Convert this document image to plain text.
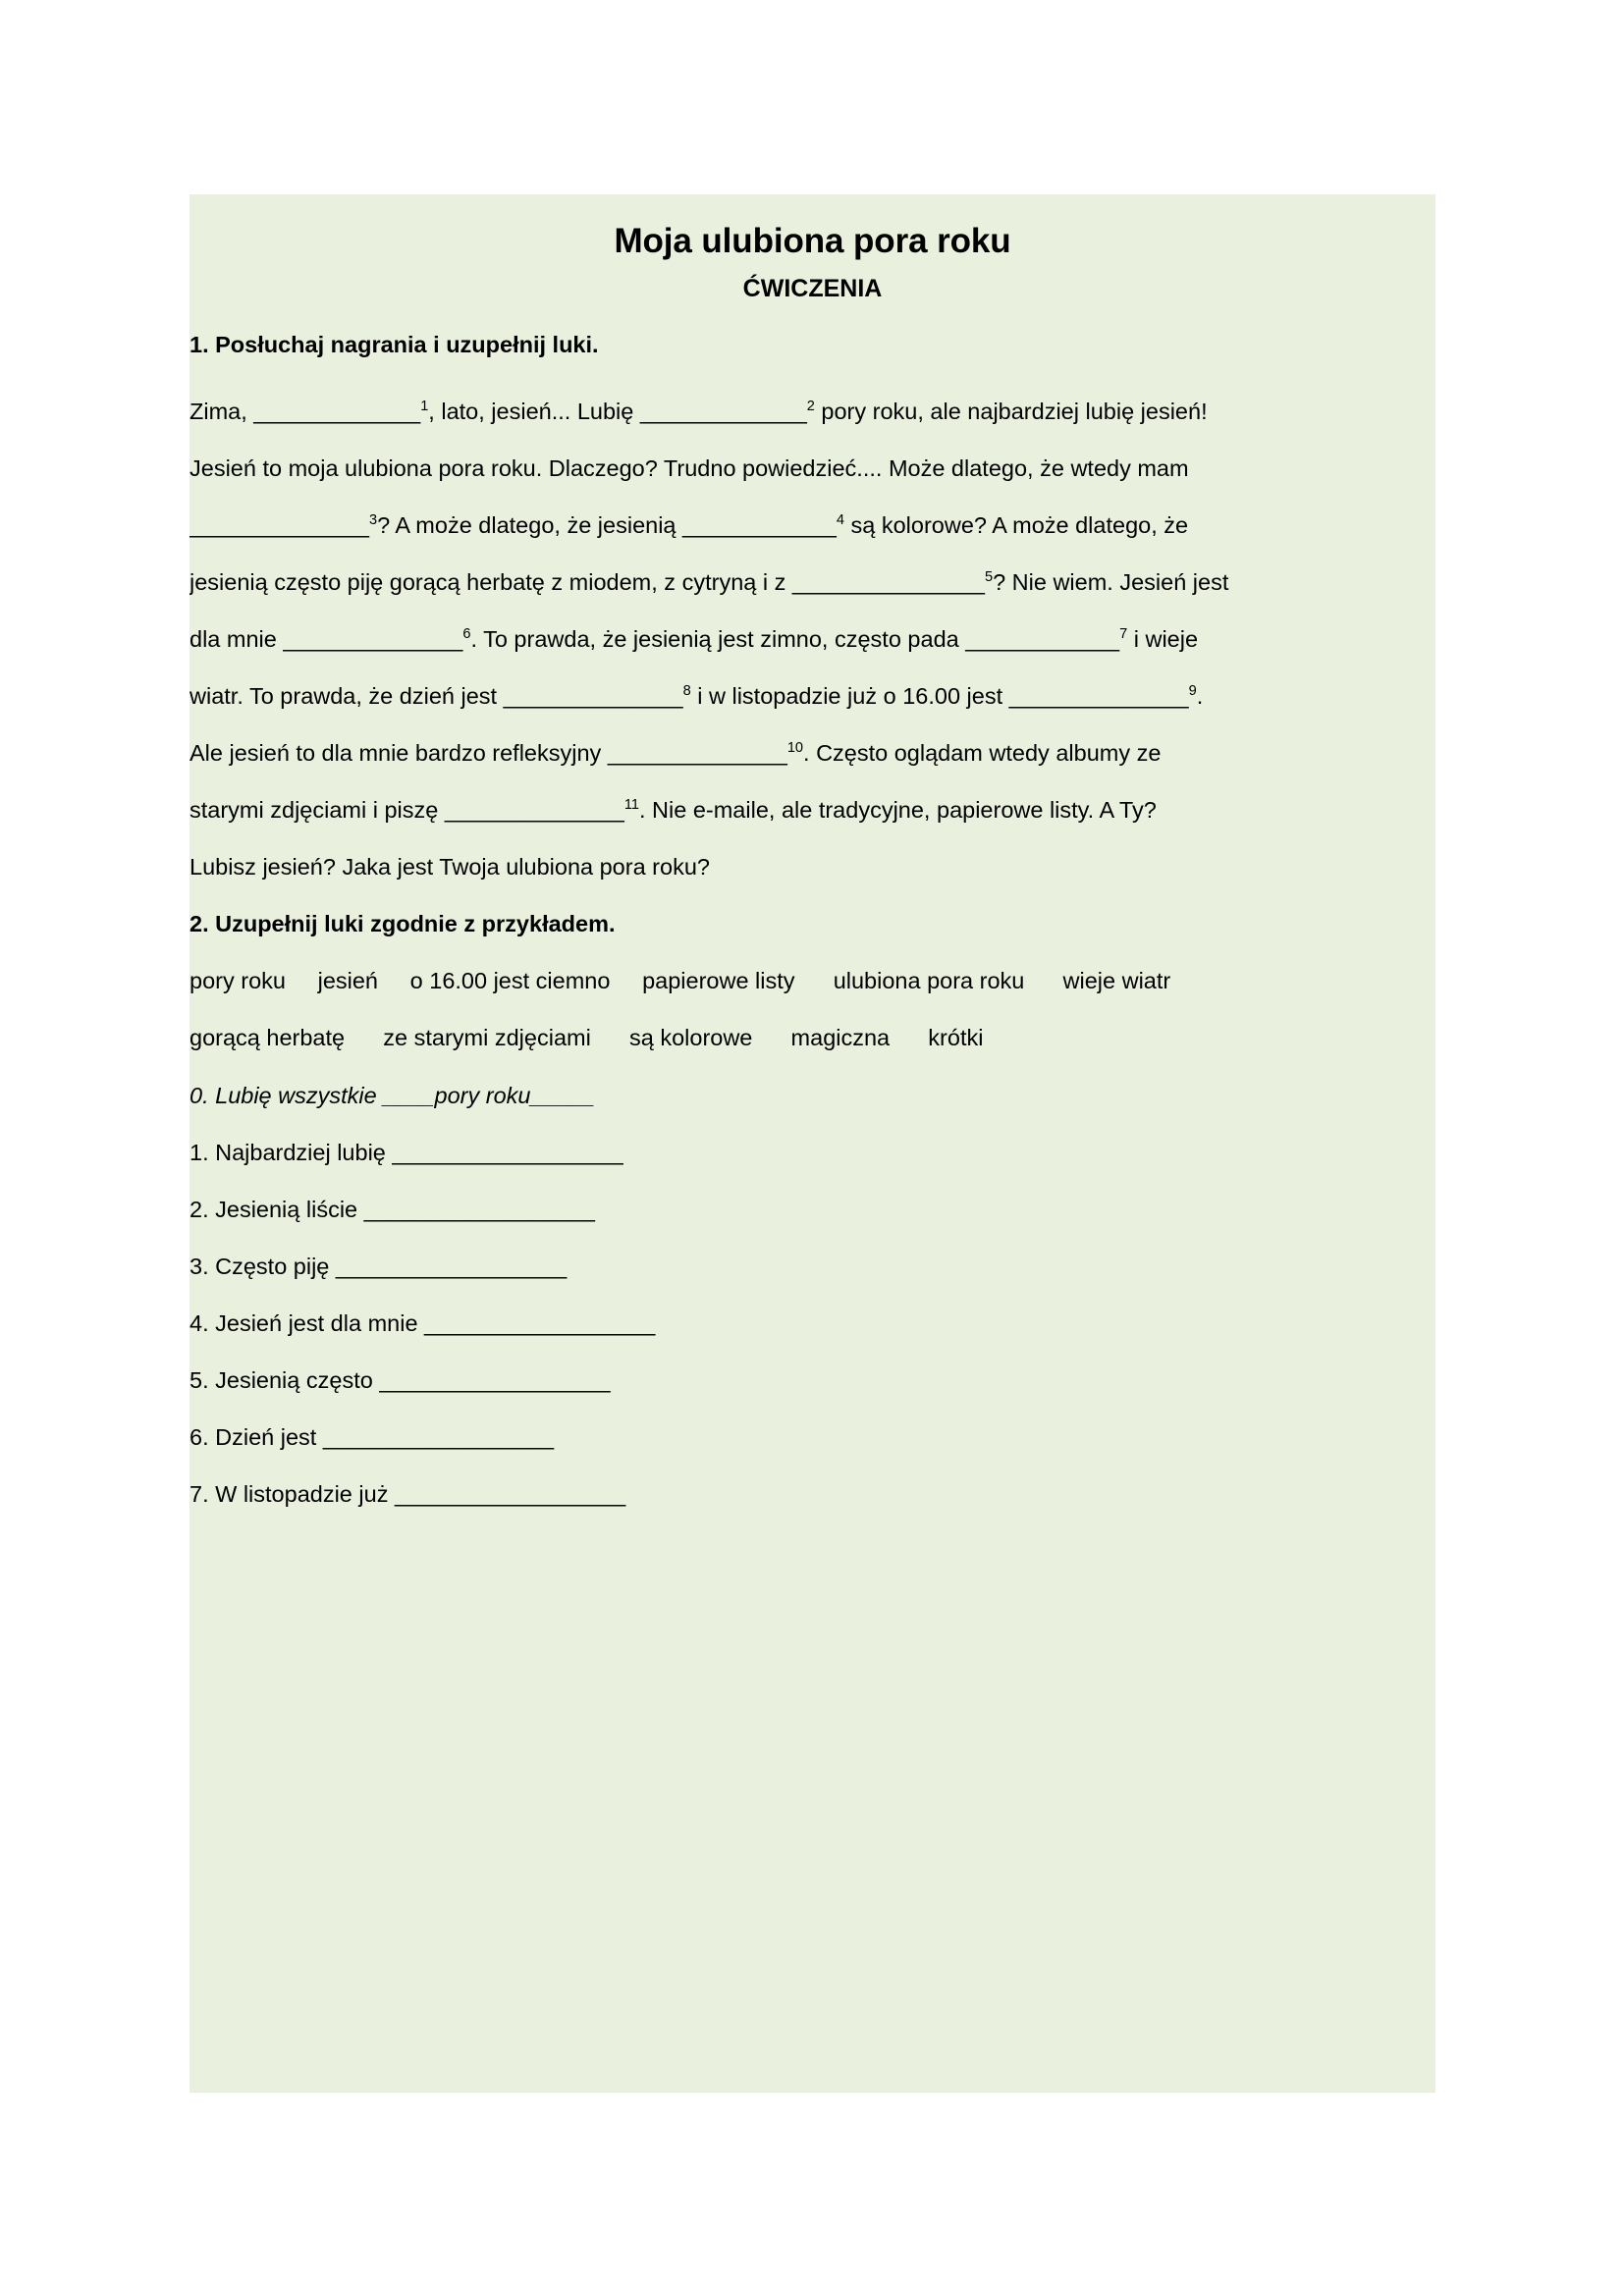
Moja ulubiona pora roku
ĆWICZENIA
1. Posłuchaj nagrania i uzupełnij luki.
Zima, _____________$^1$, lato, jesień... Lubię _____________$^2$ pory roku, ale najbardziej lubię jesień!
Jesień to moja ulubiona pora roku. Dlaczego? Trudno powiedzieć.... Może dlatego, że wtedy mam
______________$^3$? A może dlatego, że jesienią ____________$^4$ są kolorowe? A może dlatego, że
jesienią często piję gorącą herbatę z miodem, z cytryną i z _______________$^5$? Nie wiem. Jesień jest
dla mnie ______________$^6$. To prawda, że jesienią jest zimno, często pada ____________$^7$ i wieje
wiatr. To prawda, że dzień jest ______________$^8$ i w listopadzie już o 16.00 jest ______________$^9$.
Ale jesień to dla mnie bardzo refleksyjny ______________$^{10}$. Często oglądam wtedy albumy ze
starymi zdjęciami i piszę ______________$^{11}$. Nie e-maile, ale tradycyjne, papierowe listy. A Ty?
Lubisz jesień? Jaka jest Twoja ulubiona pora roku?
2. Uzupełnij luki zgodnie z przykładem.
pory roku     jesień     o 16.00 jest ciemno     papierowe listy      ulubiona pora roku      wieje wiatr
gorącą herbatę      ze starymi zdjęciami      są kolorowe      magiczna      krótki
0. Lubię wszystkie ____pory roku_____
1. Najbardziej lubię __________________
2. Jesienią liście __________________
3. Często piję __________________
4. Jesień jest dla mnie __________________
5. Jesienią często __________________
6. Dzień jest __________________
7. W listopadzie już __________________
